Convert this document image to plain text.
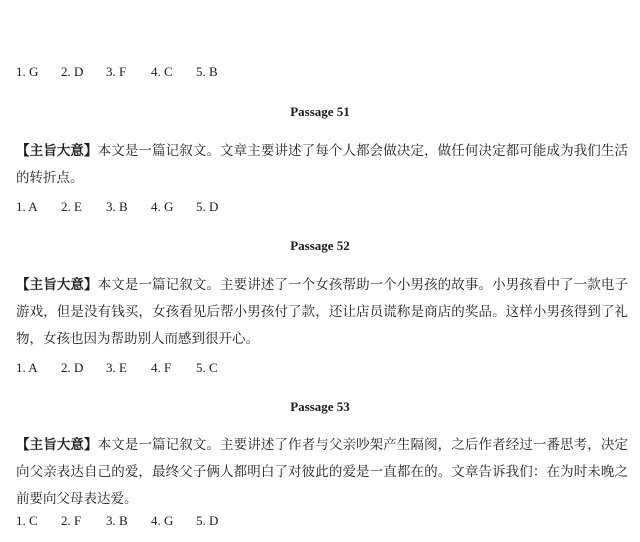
1. G 2. D 3. F 4. C 5. B
Passage 51
【主旨大意】本文是一篇记叙文。文章主要讲述了每个人都会做决定，做任何决定都可能成为我们生活的转折点。
1. A 2. E 3. B 4. G 5. D
Passage 52
【主旨大意】本文是一篇记叙文。主要讲述了一个女孩帮助一个小男孩的故事。小男孩看中了一款电子游戏，但是没有钱买，女孩看见后帮小男孩付了款，还让店员谎称是商店的奖品。这样小男孩得到了礼物，女孩也因为帮助别人而感到很开心。
1. A 2. D 3. E 4. F 5. C
Passage 53
【主旨大意】本文是一篇记叙文。主要讲述了作者与父亲吵架产生隔阂，之后作者经过一番思考，决定向父亲表达自己的爱，最终父子俩人都明白了对彼此的爱是一直都在的。文章告诉我们：在为时未晚之前要向父母表达爱。
1. C 2. F 3. B 4. G 5. D
